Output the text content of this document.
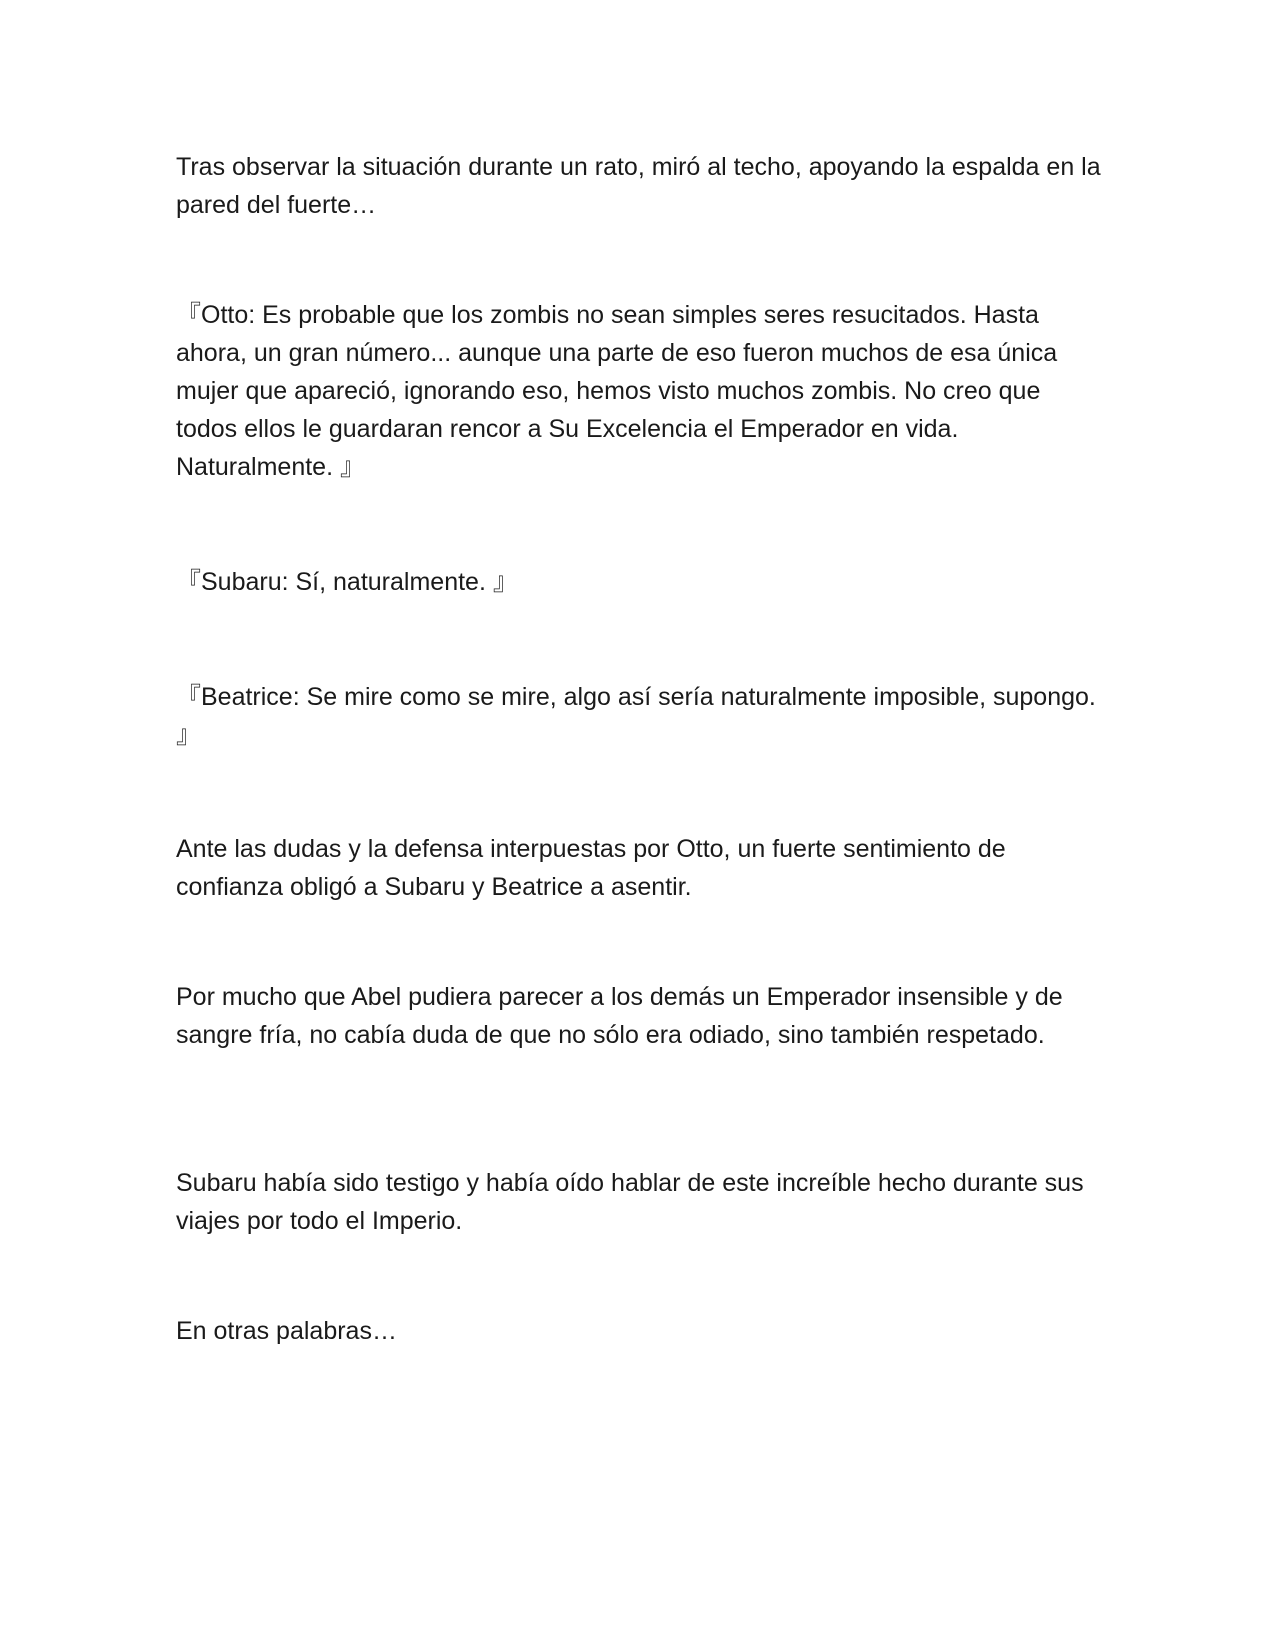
Tras observar la situación durante un rato, miró al techo, apoyando la espalda en la pared del fuerte…

『Otto: Es probable que los zombis no sean simples seres resucitados. Hasta ahora, un gran número... aunque una parte de eso fueron muchos de esa única mujer que apareció, ignorando eso, hemos visto muchos zombis. No creo que todos ellos le guardaran rencor a Su Excelencia el Emperador en vida. Naturalmente. 』

『Subaru: Sí, naturalmente. 』

『Beatrice: Se mire como se mire, algo así sería naturalmente imposible, supongo. 』

Ante las dudas y la defensa interpuestas por Otto, un fuerte sentimiento de confianza obligó a Subaru y Beatrice a asentir.

Por mucho que Abel pudiera parecer a los demás un Emperador insensible y de sangre fría, no cabía duda de que no sólo era odiado, sino también respetado.

Subaru había sido testigo y había oído hablar de este increíble hecho durante sus viajes por todo el Imperio.

En otras palabras…
